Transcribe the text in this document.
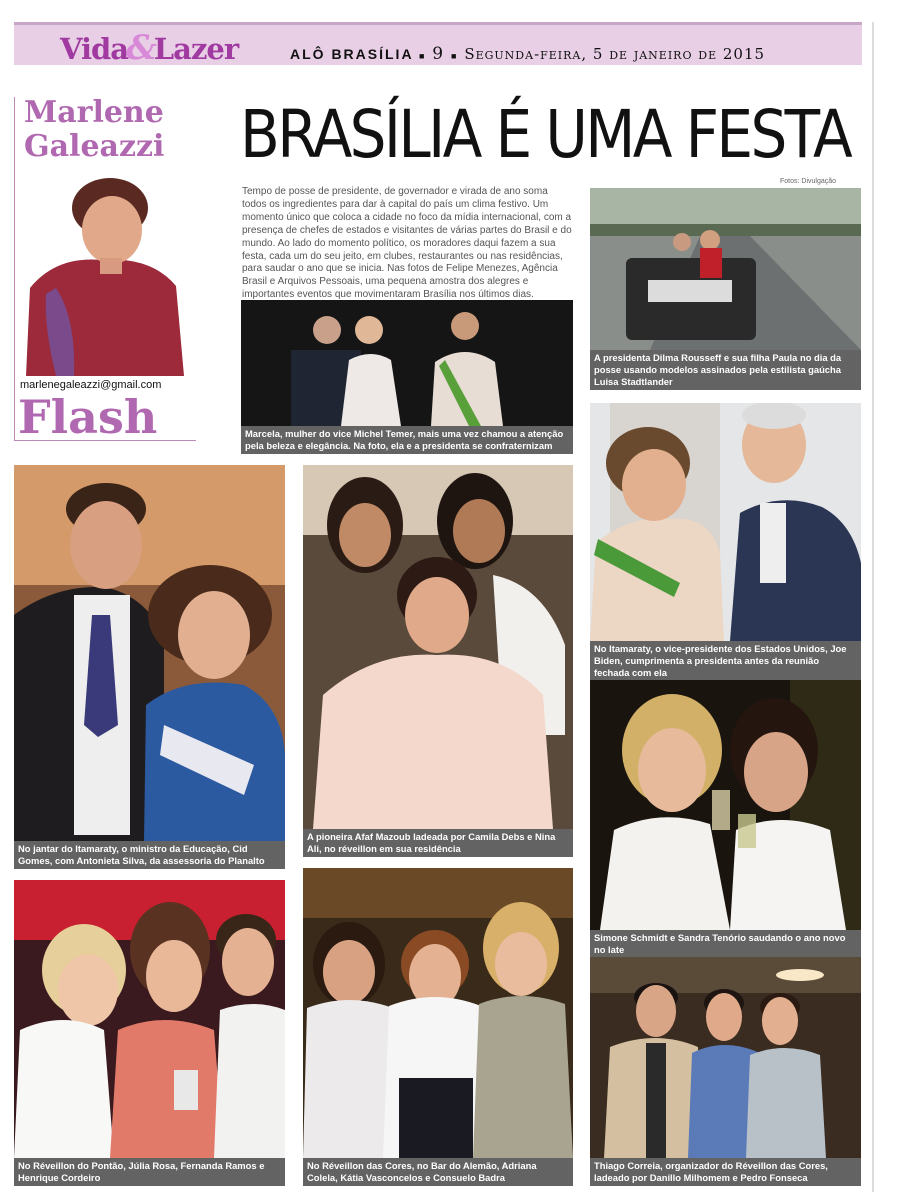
Vida&Lazer	ALÔ BRASÍLIA ■ 9 ■ Segunda-feira, 5 de janeiro de 2015
Marlene
Galeazzi
marlenegaleazzi@gmail.com
Flash
BRASÍLIA É UMA FESTA
Fotos: Divulgação
Tempo de posse de presidente, de governador e virada de ano soma todos os ingredientes para dar à capital do país um clima festivo. Um momento único que coloca a cidade no foco da mídia internacional, com a presença de chefes de estados e visitantes de várias partes do Brasil e do mundo. Ao lado do momento político, os moradores daqui fazem a sua festa, cada um do seu jeito, em clubes, restaurantes ou nas residências, para saudar o ano que se inicia. Nas fotos de Felipe Menezes, Agência Brasil e Arquivos Pessoais, uma pequena amostra dos alegres e importantes eventos que movimentaram Brasília nos últimos dias.
Marcela, mulher do vice Michel Temer, mais uma vez chamou a atenção pela beleza e elegância. Na foto, ela e a presidenta se confraternizam
A presidenta Dilma Rousseff e sua filha Paula no dia da posse usando modelos assinados pela estilista gaúcha Luisa Stadtlander
No Itamaraty, o vice-presidente dos Estados Unidos, Joe Biden, cumprimenta a presidenta antes da reunião fechada com ela
No jantar do Itamaraty, o ministro da Educação, Cid Gomes, com Antonieta Silva, da assessoria do Planalto
A pioneira Afaf Mazoub ladeada por Camila Debs e Nina Ali, no réveillon em sua residência
Simone Schmidt e Sandra Tenório saudando o ano novo no Iate
No Réveillon do Pontão, Júlia Rosa, Fernanda Ramos e Henrique Cordeiro
No Réveillon das Cores, no Bar do Alemão, Adriana Colela, Kátia Vasconcelos e Consuelo Badra
Thiago Correia, organizador do Réveillon das Cores, ladeado por Danillo Milhomem e Pedro Fonseca
